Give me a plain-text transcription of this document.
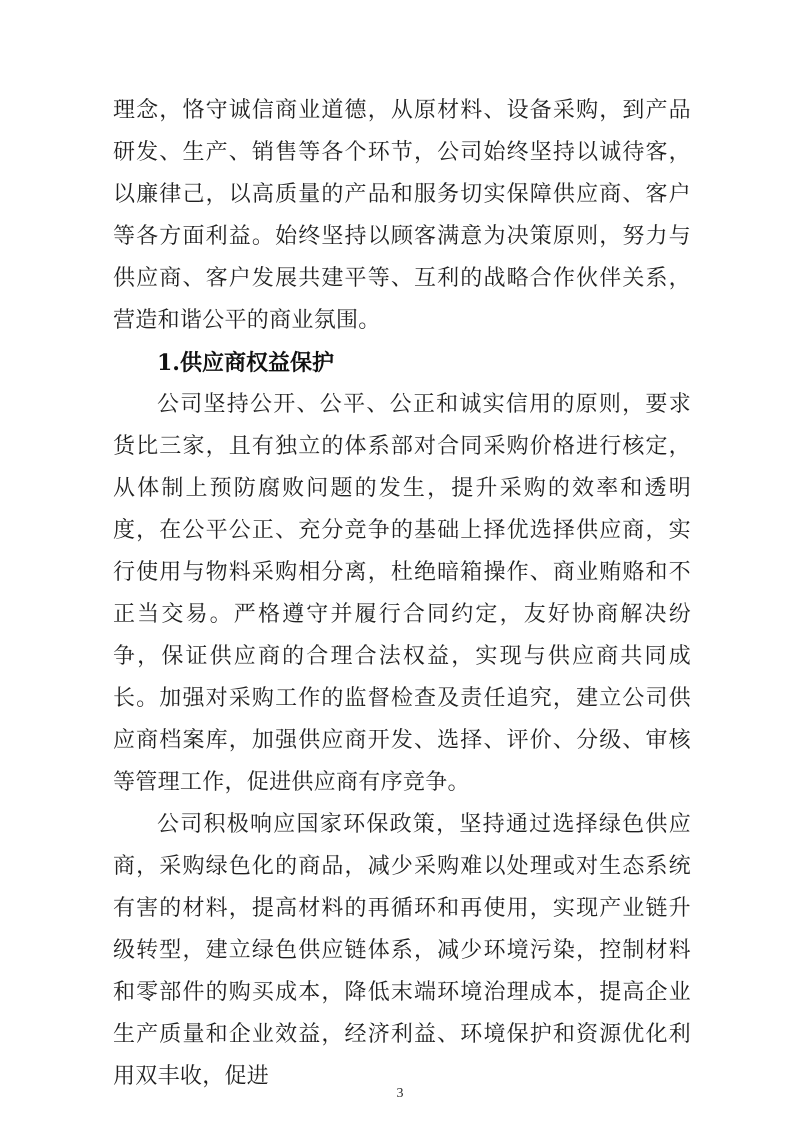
理念，恪守诚信商业道德，从原材料、设备采购，到产品研发、生产、销售等各个环节，公司始终坚持以诚待客，以廉律己，以高质量的产品和服务切实保障供应商、客户等各方面利益。始终坚持以顾客满意为决策原则，努力与供应商、客户发展共建平等、互利的战略合作伙伴关系，营造和谐公平的商业氛围。

1.供应商权益保护

公司坚持公开、公平、公正和诚实信用的原则，要求货比三家，且有独立的体系部对合同采购价格进行核定，从体制上预防腐败问题的发生，提升采购的效率和透明度，在公平公正、充分竞争的基础上择优选择供应商，实行使用与物料采购相分离，杜绝暗箱操作、商业贿赂和不正当交易。严格遵守并履行合同约定，友好协商解决纷争，保证供应商的合理合法权益，实现与供应商共同成长。加强对采购工作的监督检查及责任追究，建立公司供应商档案库，加强供应商开发、选择、评价、分级、审核等管理工作，促进供应商有序竞争。

公司积极响应国家环保政策，坚持通过选择绿色供应商，采购绿色化的商品，减少采购难以处理或对生态系统有害的材料，提高材料的再循环和再使用，实现产业链升级转型，建立绿色供应链体系，减少环境污染，控制材料和零部件的购买成本，降低末端环境治理成本，提高企业生产质量和企业效益，经济利益、环境保护和资源优化利用双丰收，促进

3
